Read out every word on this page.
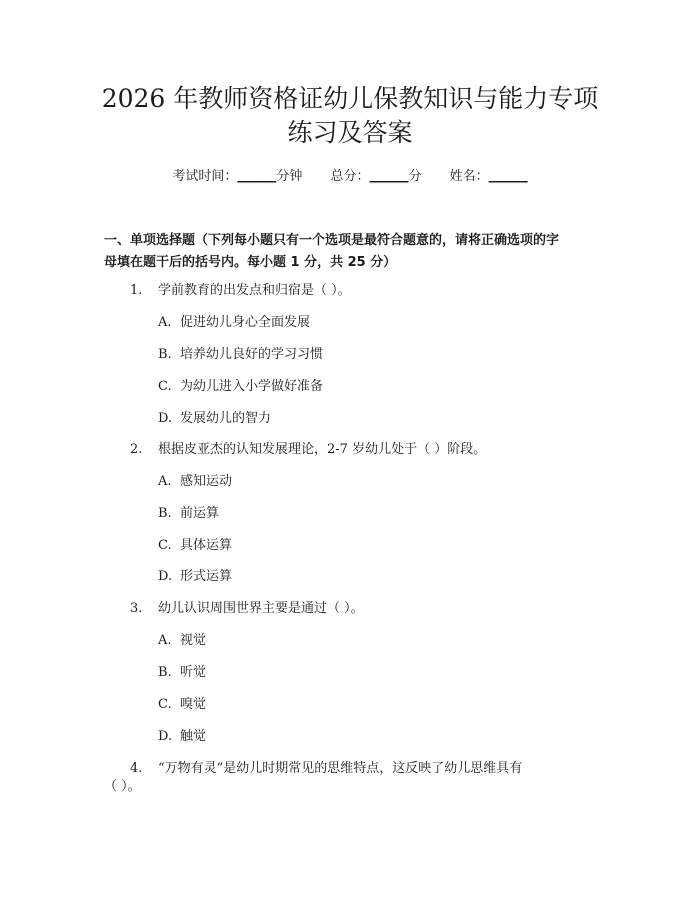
2026 年教师资格证幼儿保教知识与能力专项
练习及答案
考试时间：______分钟 总分：______分 姓名：______
一、单项选择题（下列每小题只有一个选项是最符合题意的，请将正确选项的字
母填在题干后的括号内。每小题 1 分，共 25 分）
1. 学前教育的出发点和归宿是（ ）。
A. 促进幼儿身心全面发展
B. 培养幼儿良好的学习习惯
C. 为幼儿进入小学做好准备
D. 发展幼儿的智力
2. 根据皮亚杰的认知发展理论，2-7 岁幼儿处于（ ）阶段。
A. 感知运动
B. 前运算
C. 具体运算
D. 形式运算
3. 幼儿认识周围世界主要是通过（ ）。
A. 视觉
B. 听觉
C. 嗅觉
D. 触觉
4. “万物有灵”是幼儿时期常见的思维特点，这反映了幼儿思维具有
（ ）。
